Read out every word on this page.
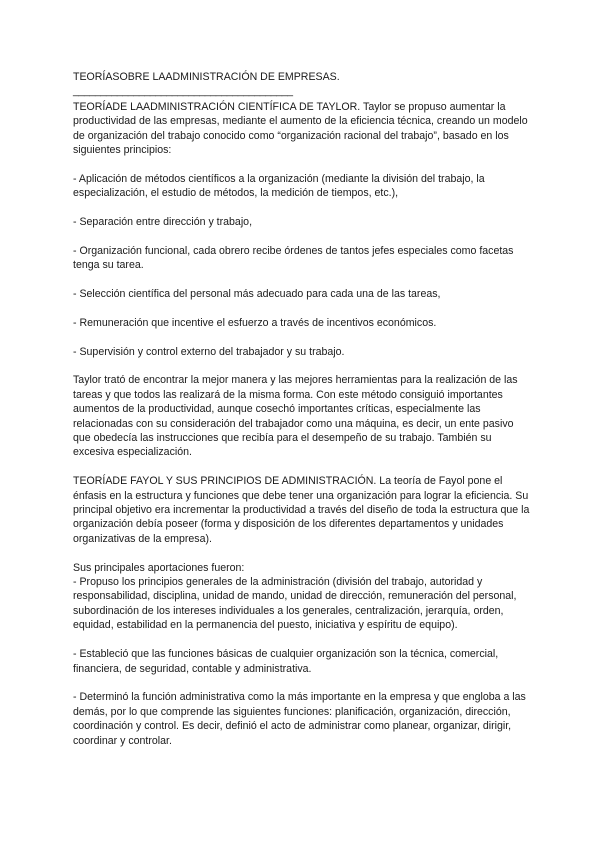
TEORÍASOBRE LAADMINISTRACIÓN DE EMPRESAS.
________________________________________

TEORÍADE LAADMINISTRACIÓN CIENTÍFICA DE TAYLOR. Taylor se propuso aumentar la productividad de las empresas, mediante el aumento de la eficiencia técnica, creando un modelo de organización del trabajo conocido como “organización racional del trabajo”, basado en los siguientes principios:

- Aplicación de métodos científicos a la organización (mediante la división del trabajo, la especialización, el estudio de métodos, la medición de tiempos, etc.),

- Separación entre dirección y trabajo,

- Organización funcional, cada obrero recibe órdenes de tantos jefes especiales como facetas tenga su tarea.

- Selección científica del personal más adecuado para cada una de las tareas,

- Remuneración que incentive el esfuerzo a través de incentivos económicos.

- Supervisión y control externo del trabajador y su trabajo.

Taylor trató de encontrar la mejor manera y las mejores herramientas para la realización de las tareas y que todos las realizará de la misma forma. Con este método consiguió importantes aumentos de la productividad, aunque cosechó importantes críticas, especialmente las relacionadas con su consideración del trabajador como una máquina, es decir, un ente pasivo que obedecía las instrucciones que recibía para el desempeño de su trabajo. También su excesiva especialización.

TEORÍADE FAYOL Y SUS PRINCIPIOS DE ADMINISTRACIÓN. La teoría de Fayol pone el énfasis en la estructura y funciones que debe tener una organización para lograr la eficiencia. Su principal objetivo era incrementar la productividad a través del diseño de toda la estructura que la organización debía poseer (forma y disposición de los diferentes departamentos y unidades organizativas de la empresa).

Sus principales aportaciones fueron:

- Propuso los principios generales de la administración (división del trabajo, autoridad y responsabilidad, disciplina, unidad de mando, unidad de dirección, remuneración del personal, subordinación de los intereses individuales a los generales, centralización, jerarquía, orden, equidad, estabilidad en la permanencia del puesto, iniciativa y espíritu de equipo).

- Estableció que las funciones básicas de cualquier organización son la técnica, comercial, financiera, de seguridad, contable y administrativa.

- Determinó la función administrativa como la más importante en la empresa y que engloba a las demás, por lo que comprende las siguientes funciones: planificación, organización, dirección, coordinación y control. Es decir, definió el acto de administrar como planear, organizar, dirigir, coordinar y controlar.
